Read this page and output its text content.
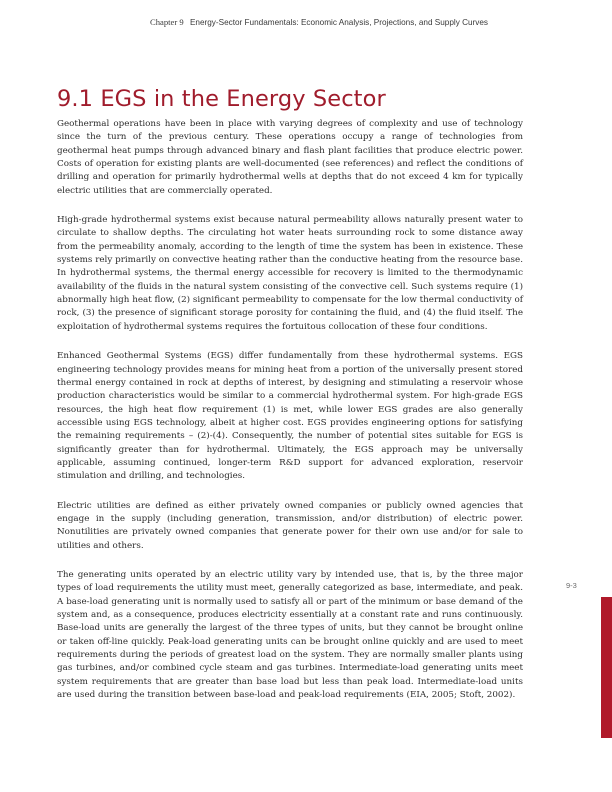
Chapter 9 Energy-Sector Fundamentals: Economic Analysis, Projections, and Supply Curves
9.1 EGS in the Energy Sector

Geothermal operations have been in place with varying degrees of complexity and use of technology since the turn of the previous century. These operations occupy a range of technologies from geothermal heat pumps through advanced binary and flash plant facilities that produce electric power. Costs of operation for existing plants are well-documented (see references) and reflect the conditions of drilling and operation for primarily hydrothermal wells at depths that do not exceed 4 km for typically electric utilities that are commercially operated.

High-grade hydrothermal systems exist because natural permeability allows naturally present water to circulate to shallow depths. The circulating hot water heats surrounding rock to some distance away from the permeability anomaly, according to the length of time the system has been in existence. These systems rely primarily on convective heating rather than the conductive heating from the resource base. In hydrothermal systems, the thermal energy accessible for recovery is limited to the thermodynamic availability of the fluids in the natural system consisting of the convective cell. Such systems require (1) abnormally high heat flow, (2) significant permeability to compensate for the low thermal conductivity of rock, (3) the presence of significant storage porosity for containing the fluid, and (4) the fluid itself. The exploitation of hydrothermal systems requires the fortuitous collocation of these four conditions.

Enhanced Geothermal Systems (EGS) differ fundamentally from these hydrothermal systems. EGS engineering technology provides means for mining heat from a portion of the universally present stored thermal energy contained in rock at depths of interest, by designing and stimulating a reservoir whose production characteristics would be similar to a commercial hydrothermal system. For high-grade EGS resources, the high heat flow requirement (1) is met, while lower EGS grades are also generally accessible using EGS technology, albeit at higher cost. EGS provides engineering options for satisfying the remaining requirements – (2)-(4). Consequently, the number of potential sites suitable for EGS is significantly greater than for hydrothermal. Ultimately, the EGS approach may be universally applicable, assuming continued, longer-term R&D support for advanced exploration, reservoir stimulation and drilling, and technologies.

Electric utilities are defined as either privately owned companies or publicly owned agencies that engage in the supply (including generation, transmission, and/or distribution) of electric power. Nonutilities are privately owned companies that generate power for their own use and/or for sale to utilities and others.

The generating units operated by an electric utility vary by intended use, that is, by the three major types of load requirements the utility must meet, generally categorized as base, intermediate, and peak. A base-load generating unit is normally used to satisfy all or part of the minimum or base demand of the system and, as a consequence, produces electricity essentially at a constant rate and runs continuously. Base-load units are generally the largest of the three types of units, but they cannot be brought online or taken off-line quickly. Peak-load generating units can be brought online quickly and are used to meet requirements during the periods of greatest load on the system. They are normally smaller plants using gas turbines, and/or combined cycle steam and gas turbines. Intermediate-load generating units meet system requirements that are greater than base load but less than peak load. Intermediate-load units are used during the transition between base-load and peak-load requirements (EIA, 2005; Stoft, 2002).

9-3
